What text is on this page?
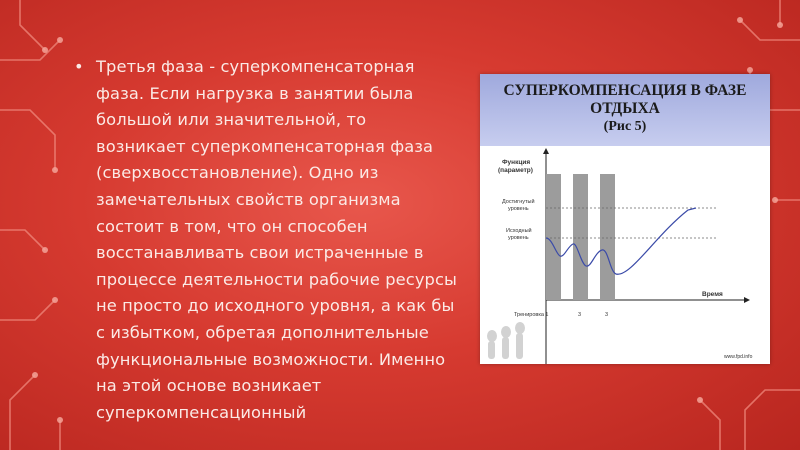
• Третья фаза - суперкомпенсаторная фаза. Если нагрузка в занятии была большой или значительной, то возникает суперкомпенсаторная фаза (сверхвосстановление). Одно из замечательных свойств организма состоит в том, что он способен восстанавливать свои истраченные в процессе деятельности рабочие ресурсы не просто до исходного уровня, а как бы с избытком, обретая дополнительные функциональные возможности. Именно на этой основе возникает суперкомпенсационный

СУПЕРКОМПЕНСАЦИЯ В ФАЗЕ
ОТДЫХА
(Рис 5)
Функция
(параметр)
Достигнутый
уровень
Исходный
уровень
Время
Тренировка 1	3	3
www.fpd.info
